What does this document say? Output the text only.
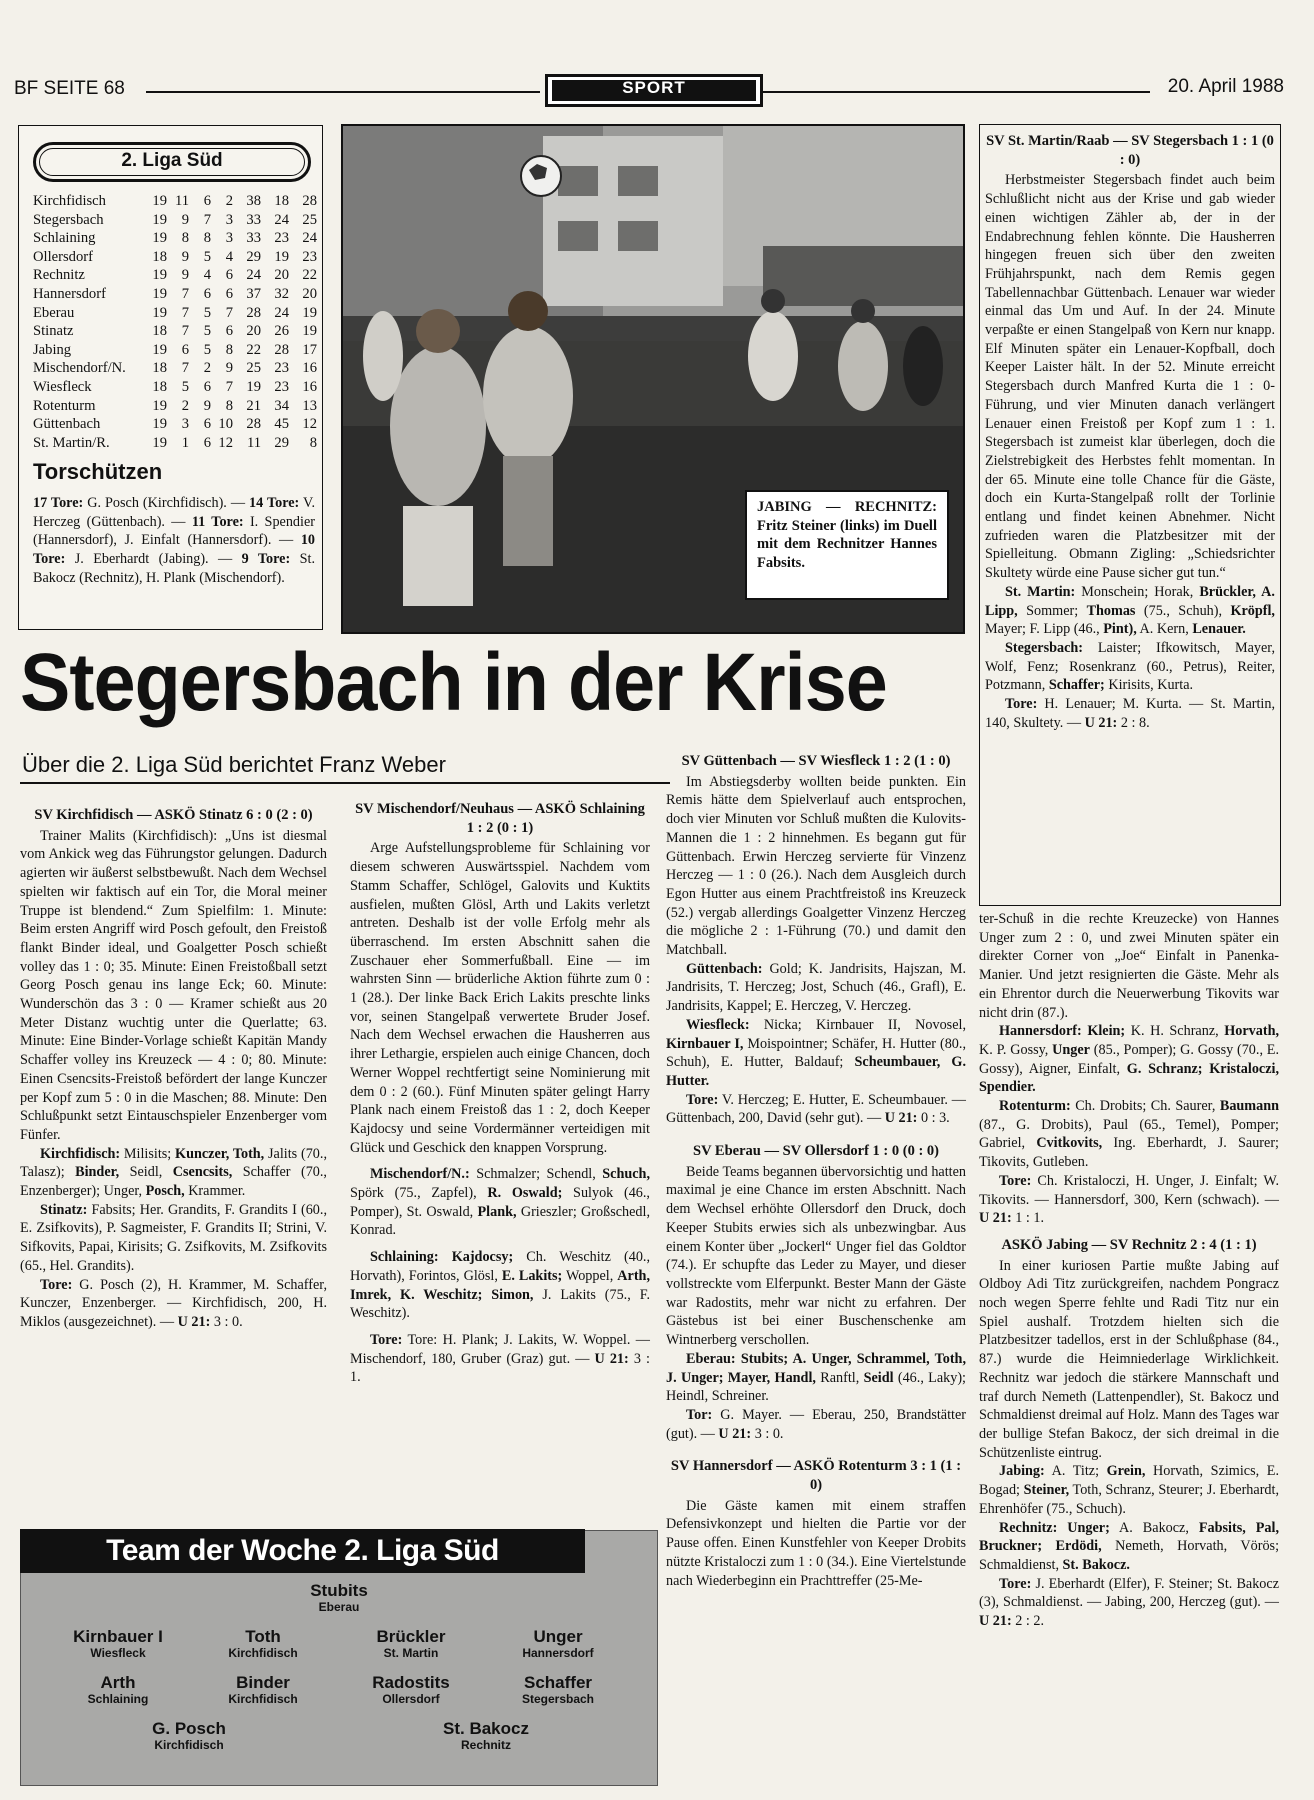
BF SEITE 68	SPORT	20. April 1988
2. Liga Süd
Kirchfidisch	19	11	6	2	38	18	28
Stegersbach	19	9	7	3	33	24	25
Schlaining	19	8	8	3	33	23	24
Ollersdorf	18	9	5	4	29	19	23
Rechnitz	19	9	4	6	24	20	22
Hannersdorf	19	7	6	6	37	32	20
Eberau	19	7	5	7	28	24	19
Stinatz	18	7	5	6	20	26	19
Jabing	19	6	5	8	22	28	17
Mischendorf/N.	18	7	2	9	25	23	16
Wiesfleck	18	5	6	7	19	23	16
Rotenturm	19	2	9	8	21	34	13
Güttenbach	19	3	6	10	28	45	12
St. Martin/R.	19	1	6	12	11	29	8
Torschützen
17 Tore: G. Posch (Kirchfidisch). — 14 Tore: V. Herczeg (Güttenbach). — 11 Tore: I. Spendier (Hannersdorf), J. Einfalt (Hannersdorf). — 10 Tore: J. Eberhardt (Jabing). — 9 Tore: St. Bakocz (Rechnitz), H. Plank (Mischendorf).
JABING — RECHNITZ: Fritz Steiner (links) im Duell mit dem Rechnitzer Hannes Fabsits.
SV St. Martin/Raab — SV Stegersbach 1 : 1 (0 : 0)

Herbstmeister Stegersbach findet auch beim Schlußlicht nicht aus der Krise und gab wieder einen wichtigen Zähler ab, der in der Endabrechnung fehlen könnte. Die Hausherren hingegen freuen sich über den zweiten Frühjahrspunkt, nach dem Remis gegen Tabellennachbar Güttenbach. Lenauer war wieder einmal das Um und Auf. In der 24. Minute verpaßte er einen Stangelpaß von Kern nur knapp. Elf Minuten später ein Lenauer-Kopfball, doch Keeper Laister hält. In der 52. Minute erreicht Stegersbach durch Manfred Kurta die 1 : 0-Führung, und vier Minuten danach verlängert Lenauer einen Freistoß per Kopf zum 1 : 1. Stegersbach ist zumeist klar überlegen, doch die Zielstrebigkeit des Herbstes fehlt momentan. In der 65. Minute eine tolle Chance für die Gäste, doch ein Kurta-Stangelpaß rollt der Torlinie entlang und findet keinen Abnehmer. Nicht zufrieden waren die Platzbesitzer mit der Spielleitung. Obmann Zigling: „Schiedsrichter Skultety würde eine Pause sicher gut tun.“

St. Martin: Monschein; Horak, Brückler, A. Lipp, Sommer; Thomas (75., Schuh), Kröpfl, Mayer; F. Lipp (46., Pint), A. Kern, Lenauer.

Stegersbach: Laister; Ifkowitsch, Mayer, Wolf, Fenz; Rosenkranz (60., Petrus), Reiter, Potzmann, Schaffer; Kirisits, Kurta.

Tore: H. Lenauer; M. Kurta. — St. Martin, 140, Skultety. — U 21: 2 : 8.

Stegersbach in der Krise
Über die 2. Liga Süd berichtet Franz Weber
SV Kirchfidisch — ASKÖ Stinatz 6 : 0 (2 : 0)

Trainer Malits (Kirchfidisch): „Uns ist diesmal vom Ankick weg das Führungstor gelungen. Dadurch agierten wir äußerst selbstbewußt. Nach dem Wechsel spielten wir faktisch auf ein Tor, die Moral meiner Truppe ist blendend.“ Zum Spielfilm: 1. Minute: Beim ersten Angriff wird Posch gefoult, den Freistoß flankt Binder ideal, und Goalgetter Posch schießt volley das 1 : 0; 35. Minute: Einen Freistoßball setzt Georg Posch genau ins lange Eck; 60. Minute: Wunderschön das 3 : 0 — Kramer schießt aus 20 Meter Distanz wuchtig unter die Querlatte; 63. Minute: Eine Binder-Vorlage schießt Kapitän Mandy Schaffer volley ins Kreuzeck — 4 : 0; 80. Minute: Einen Csencsits-Freistoß befördert der lange Kunczer per Kopf zum 5 : 0 in die Maschen; 88. Minute: Den Schlußpunkt setzt Eintauschspieler Enzenberger vom Fünfer.

Kirchfidisch: Milisits; Kunczer, Toth, Jalits (70., Talasz); Binder, Seidl, Csencsits, Schaffer (70., Enzenberger); Unger, Posch, Krammer.

Stinatz: Fabsits; Her. Grandits, F. Grandits I (60., E. Zsifkovits), P. Sagmeister, F. Grandits II; Strini, V. Sifkovits, Papai, Kirisits; G. Zsifkovits, M. Zsifkovits (65., Hel. Grandits).

Tore: G. Posch (2), H. Krammer, M. Schaffer, Kunczer, Enzenberger. — Kirchfidisch, 200, H. Miklos (ausgezeichnet). — U 21: 3 : 0.

SV Mischendorf/Neuhaus — ASKÖ Schlaining 1 : 2 (0 : 1)

Arge Aufstellungsprobleme für Schlaining vor diesem schweren Auswärtsspiel. Nachdem vom Stamm Schaffer, Schlögel, Galovits und Kuktits ausfielen, mußten Glösl, Arth und Lakits verletzt antreten. Deshalb ist der volle Erfolg mehr als überraschend. Im ersten Abschnitt sahen die Zuschauer eher Sommerfußball. Eine — im wahrsten Sinn — brüderliche Aktion führte zum 0 : 1 (28.). Der linke Back Erich Lakits preschte links vor, seinen Stangelpaß verwertete Bruder Josef. Nach dem Wechsel erwachen die Hausherren aus ihrer Lethargie, erspielen auch einige Chancen, doch Werner Woppel rechtfertigt seine Nominierung mit dem 0 : 2 (60.). Fünf Minuten später gelingt Harry Plank nach einem Freistoß das 1 : 2, doch Keeper Kajdocsy und seine Vordermänner verteidigen mit Glück und Geschick den knappen Vorsprung.

Mischendorf/N.: Schmalzer; Schendl, Schuch, Spörk (75., Zapfel), R. Oswald; Sulyok (46., Pomper), St. Oswald, Plank, Grieszler; Großschedl, Konrad.

Schlaining: Kajdocsy; Ch. Weschitz (40., Horvath), Forintos, Glösl, E. Lakits; Woppel, Arth, Imrek, K. Weschitz; Simon, J. Lakits (75., F. Weschitz).

Tore: Tore: H. Plank; J. Lakits, W. Woppel. — Mischendorf, 180, Gruber (Graz) gut. — U 21: 3 : 1.

SV Güttenbach — SV Wiesfleck 1 : 2 (1 : 0)

Im Abstiegsderby wollten beide punkten. Ein Remis hätte dem Spielverlauf auch entsprochen, doch vier Minuten vor Schluß mußten die Kulovits-Mannen die 1 : 2 hinnehmen. Es begann gut für Güttenbach. Erwin Herczeg servierte für Vinzenz Herczeg — 1 : 0 (26.). Nach dem Ausgleich durch Egon Hutter aus einem Prachtfreistoß ins Kreuzeck (52.) vergab allerdings Goalgetter Vinzenz Herczeg die mögliche 2 : 1-Führung (70.) und damit den Matchball.

Güttenbach: Gold; K. Jandrisits, Hajszan, M. Jandrisits, T. Herczeg; Jost, Schuch (46., Grafl), E. Jandrisits, Kappel; E. Herczeg, V. Herczeg.

Wiesfleck: Nicka; Kirnbauer II, Novosel, Kirnbauer I, Moispointner; Schäfer, H. Hutter (80., Schuh), E. Hutter, Baldauf; Scheumbauer, G. Hutter.

Tore: V. Herczeg; E. Hutter, E. Scheumbauer. — Güttenbach, 200, David (sehr gut). — U 21: 0 : 3.

SV Eberau — SV Ollersdorf 1 : 0 (0 : 0)

Beide Teams begannen übervorsichtig und hatten maximal je eine Chance im ersten Abschnitt. Nach dem Wechsel erhöhte Ollersdorf den Druck, doch Keeper Stubits erwies sich als unbezwingbar. Aus einem Konter über „Jockerl“ Unger fiel das Goldtor (74.). Er schupfte das Leder zu Mayer, und dieser vollstreckte vom Elferpunkt. Bester Mann der Gäste war Radostits, mehr war nicht zu erfahren. Der Gästebus ist bei einer Buschenschenke am Wintnerberg verschollen.

Eberau: Stubits; A. Unger, Schrammel, Toth, J. Unger; Mayer, Handl, Ranftl, Seidl (46., Laky); Heindl, Schreiner.

Tor: G. Mayer. — Eberau, 250, Brandstätter (gut). — U 21: 3 : 0.

SV Hannersdorf — ASKÖ Rotenturm 3 : 1 (1 : 0)

Die Gäste kamen mit einem straffen Defensivkonzept und hielten die Partie vor der Pause offen. Einen Kunstfehler von Keeper Drobits nützte Kristaloczi zum 1 : 0 (34.). Eine Viertelstunde nach Wiederbeginn ein Prachttreffer (25-Me-

ter-Schuß in die rechte Kreuzecke) von Hannes Unger zum 2 : 0, und zwei Minuten später ein direkter Corner von „Joe“ Einfalt in Panenka-Manier. Und jetzt resignierten die Gäste. Mehr als ein Ehrentor durch die Neuerwerbung Tikovits war nicht drin (87.).

Hannersdorf: Klein; K. H. Schranz, Horvath, K. P. Gossy, Unger (85., Pomper); G. Gossy (70., E. Gossy), Aigner, Einfalt, G. Schranz; Kristaloczi, Spendier.

Rotenturm: Ch. Drobits; Ch. Saurer, Baumann (87., G. Drobits), Paul (65., Temel), Pomper; Gabriel, Cvitkovits, Ing. Eberhardt, J. Saurer; Tikovits, Gutleben.

Tore: Ch. Kristaloczi, H. Unger, J. Einfalt; W. Tikovits. — Hannersdorf, 300, Kern (schwach). — U 21: 1 : 1.

ASKÖ Jabing — SV Rechnitz 2 : 4 (1 : 1)

In einer kuriosen Partie mußte Jabing auf Oldboy Adi Titz zurückgreifen, nachdem Pongracz noch wegen Sperre fehlte und Radi Titz nur ein Spiel aushalf. Trotzdem hielten sich die Platzbesitzer tadellos, erst in der Schlußphase (84., 87.) wurde die Heimniederlage Wirklichkeit. Rechnitz war jedoch die stärkere Mannschaft und traf durch Nemeth (Lattenpendler), St. Bakocz und Schmaldienst dreimal auf Holz. Mann des Tages war der bullige Stefan Bakocz, der sich dreimal in die Schützenliste eintrug.

Jabing: A. Titz; Grein, Horvath, Szimics, E. Bogad; Steiner, Toth, Schranz, Steurer; J. Eberhardt, Ehrenhöfer (75., Schuch).

Rechnitz: Unger; A. Bakocz, Fabsits, Pal, Bruckner; Erdödi, Nemeth, Horvath, Vörös; Schmaldienst, St. Bakocz.

Tore: J. Eberhardt (Elfer), F. Steiner; St. Bakocz (3), Schmaldienst. — Jabing, 200, Herczeg (gut). — U 21: 2 : 2.

Team der Woche 2. Liga Süd
Stubits
Eberau
Kirnbauer I
Wiesfleck
Toth
Kirchfidisch
Brückler
St. Martin
Unger
Hannersdorf
Arth
Schlaining
Binder
Kirchfidisch
Radostits
Ollersdorf
Schaffer
Stegersbach
G. Posch
Kirchfidisch
St. Bakocz
Rechnitz
